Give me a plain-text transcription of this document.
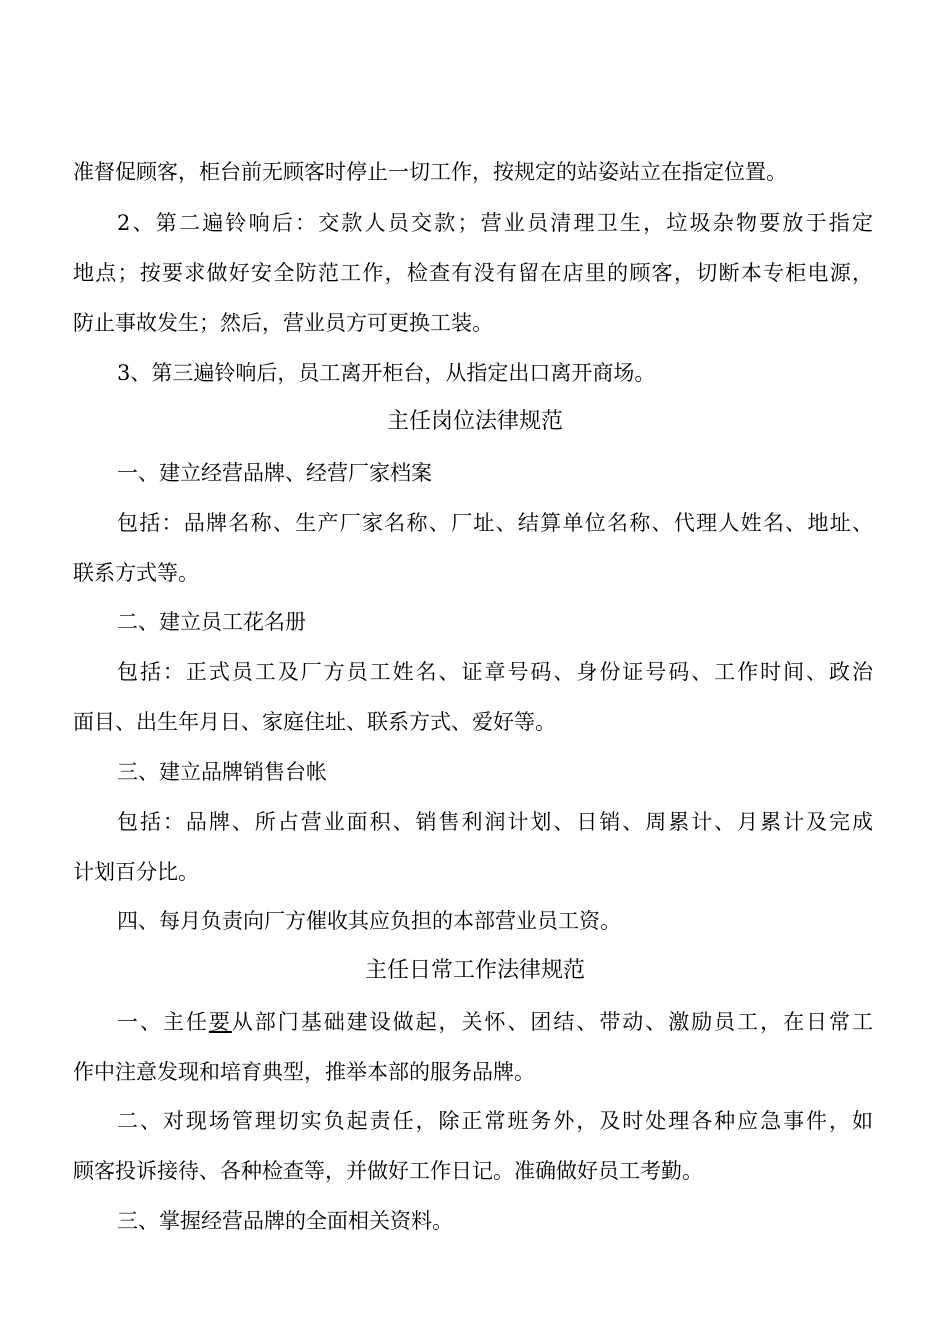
准督促顾客，柜台前无顾客时停止一切工作，按规定的站姿站立在指定位置。
2、第二遍铃响后：交款人员交款；营业员清理卫生，垃圾杂物要放于指定
地点；按要求做好安全防范工作，检查有没有留在店里的顾客，切断本专柜电源，
防止事故发生；然后，营业员方可更换工装。
3、第三遍铃响后，员工离开柜台，从指定出口离开商场。
主任岗位法律规范
一、建立经营品牌、经营厂家档案
包括：品牌名称、生产厂家名称、厂址、结算单位名称、代理人姓名、地址、
联系方式等。
二、建立员工花名册
包括：正式员工及厂方员工姓名、证章号码、身份证号码、工作时间、政治
面目、出生年月日、家庭住址、联系方式、爱好等。
三、建立品牌销售台帐
包括：品牌、所占营业面积、销售利润计划、日销、周累计、月累计及完成
计划百分比。
四、每月负责向厂方催收其应负担的本部营业员工资。
主任日常工作法律规范
一、主任要从部门基础建设做起，关怀、团结、带动、激励员工，在日常工
作中注意发现和培育典型，推举本部的服务品牌。
二、对现场管理切实负起责任，除正常班务外，及时处理各种应急事件，如
顾客投诉接待、各种检查等，并做好工作日记。准确做好员工考勤。
三、掌握经营品牌的全面相关资料。
